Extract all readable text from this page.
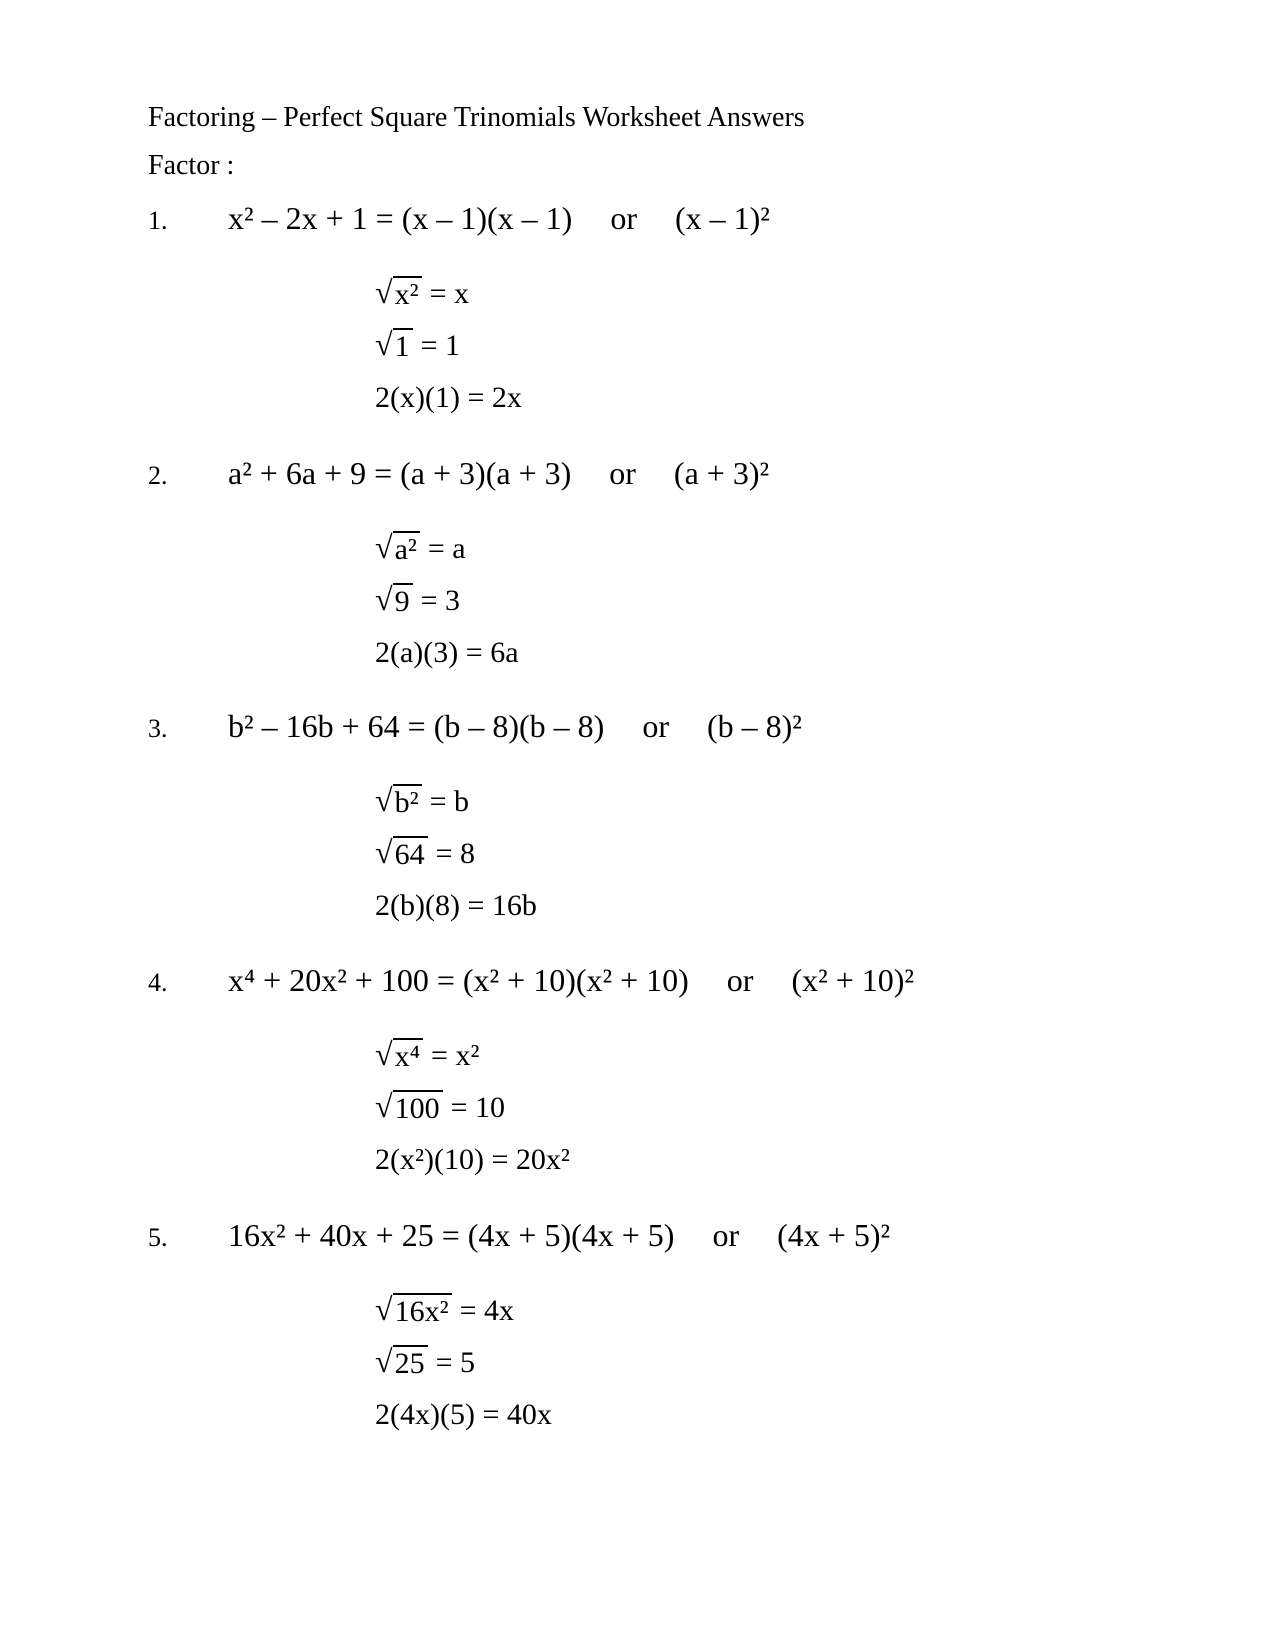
Factoring – Perfect Square Trinomials Worksheet Answers
Factor :
1. x² – 2x + 1 = (x – 1)(x – 1) or (x – 1)²
√ x² = x
√ 1 = 1
2(x)(1) = 2x
2. a² + 6a + 9 = (a + 3)(a + 3) or (a + 3)²
√ a² = a
√ 9 = 3
2(a)(3) = 6a
3. b² – 16b + 64 = (b – 8)(b – 8) or (b – 8)²
√ b² = b
√ 64 = 8
2(b)(8) = 16b
4. x⁴ + 20x² + 100 = (x² + 10)(x² + 10) or (x² + 10)²
√ x⁴ = x²
√ 100 = 10
2(x²)(10) = 20x²
5. 16x² + 40x + 25 = (4x + 5)(4x + 5) or (4x + 5)²
√ 16x² = 4x
√ 25 = 5
2(4x)(5) = 40x
